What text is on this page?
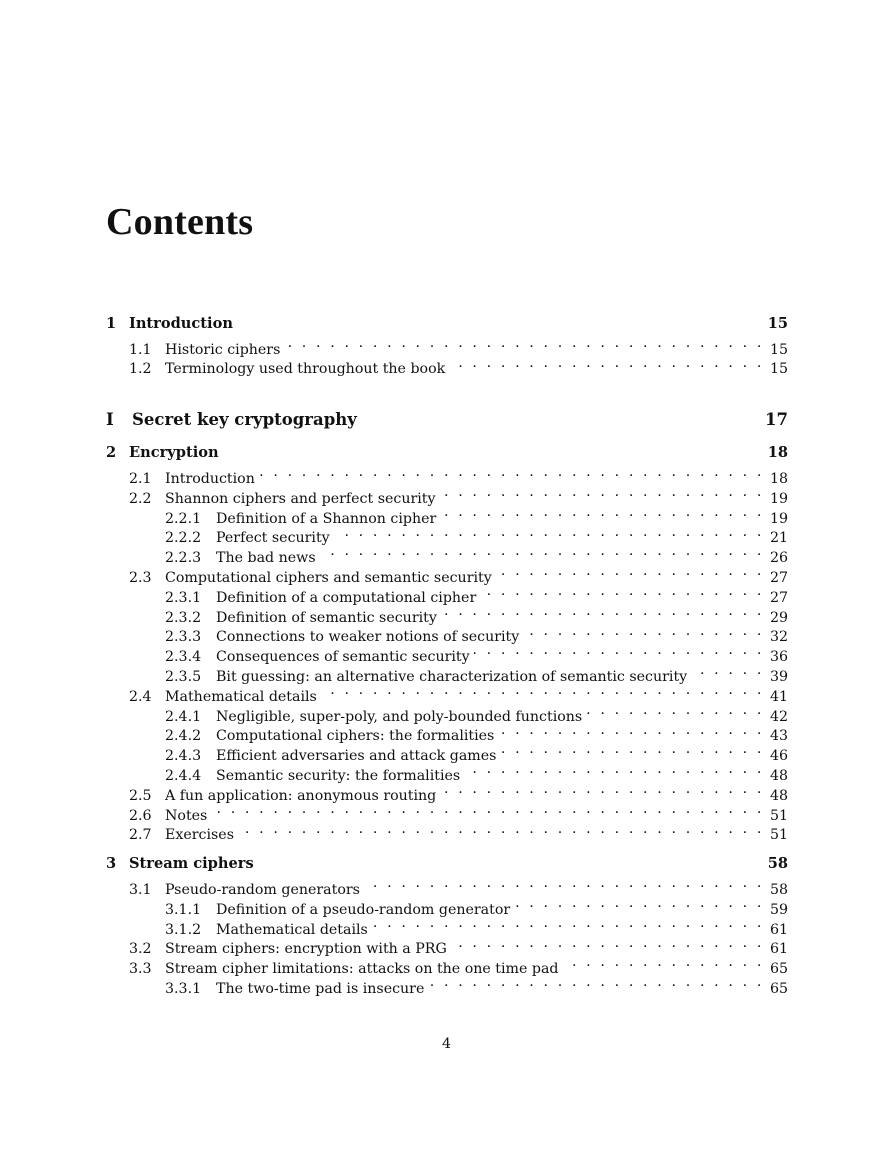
Contents
1 Introduction	15
1.1 Historic ciphers . . .	15
1.2 Terminology used throughout the book . . .	15
I	Secret key cryptography	17
2 Encryption	18
2.1 Introduction . . .	18
2.2 Shannon ciphers and perfect security . . .	19
2.2.1	Definition of a Shannon cipher . . .	19
2.2.2	Perfect security . . .	21
2.2.3	The bad news . . .	26
2.3 Computational ciphers and semantic security . . .	27
2.3.1	Definition of a computational cipher . . .	27
2.3.2	Definition of semantic security . . .	29
2.3.3	Connections to weaker notions of security . . .	32
2.3.4	Consequences of semantic security . . .	36
2.3.5	Bit guessing: an alternative characterization of semantic security . . .	39
2.4 Mathematical details . . .	41
2.4.1	Negligible, super-poly, and poly-bounded functions . . .	42
2.4.2	Computational ciphers: the formalities . . .	43
2.4.3	Efficient adversaries and attack games . . .	46
2.4.4	Semantic security: the formalities . . .	48
2.5 A fun application: anonymous routing . . .	48
2.6 Notes . . .	51
2.7 Exercises . . .	51
3 Stream ciphers	58
3.1 Pseudo-random generators . . .	58
3.1.1	Definition of a pseudo-random generator . . .	59
3.1.2	Mathematical details . . .	61
3.2 Stream ciphers: encryption with a PRG . . .	61
3.3 Stream cipher limitations: attacks on the one time pad . . .	65
3.3.1	The two-time pad is insecure . . .	65
4
